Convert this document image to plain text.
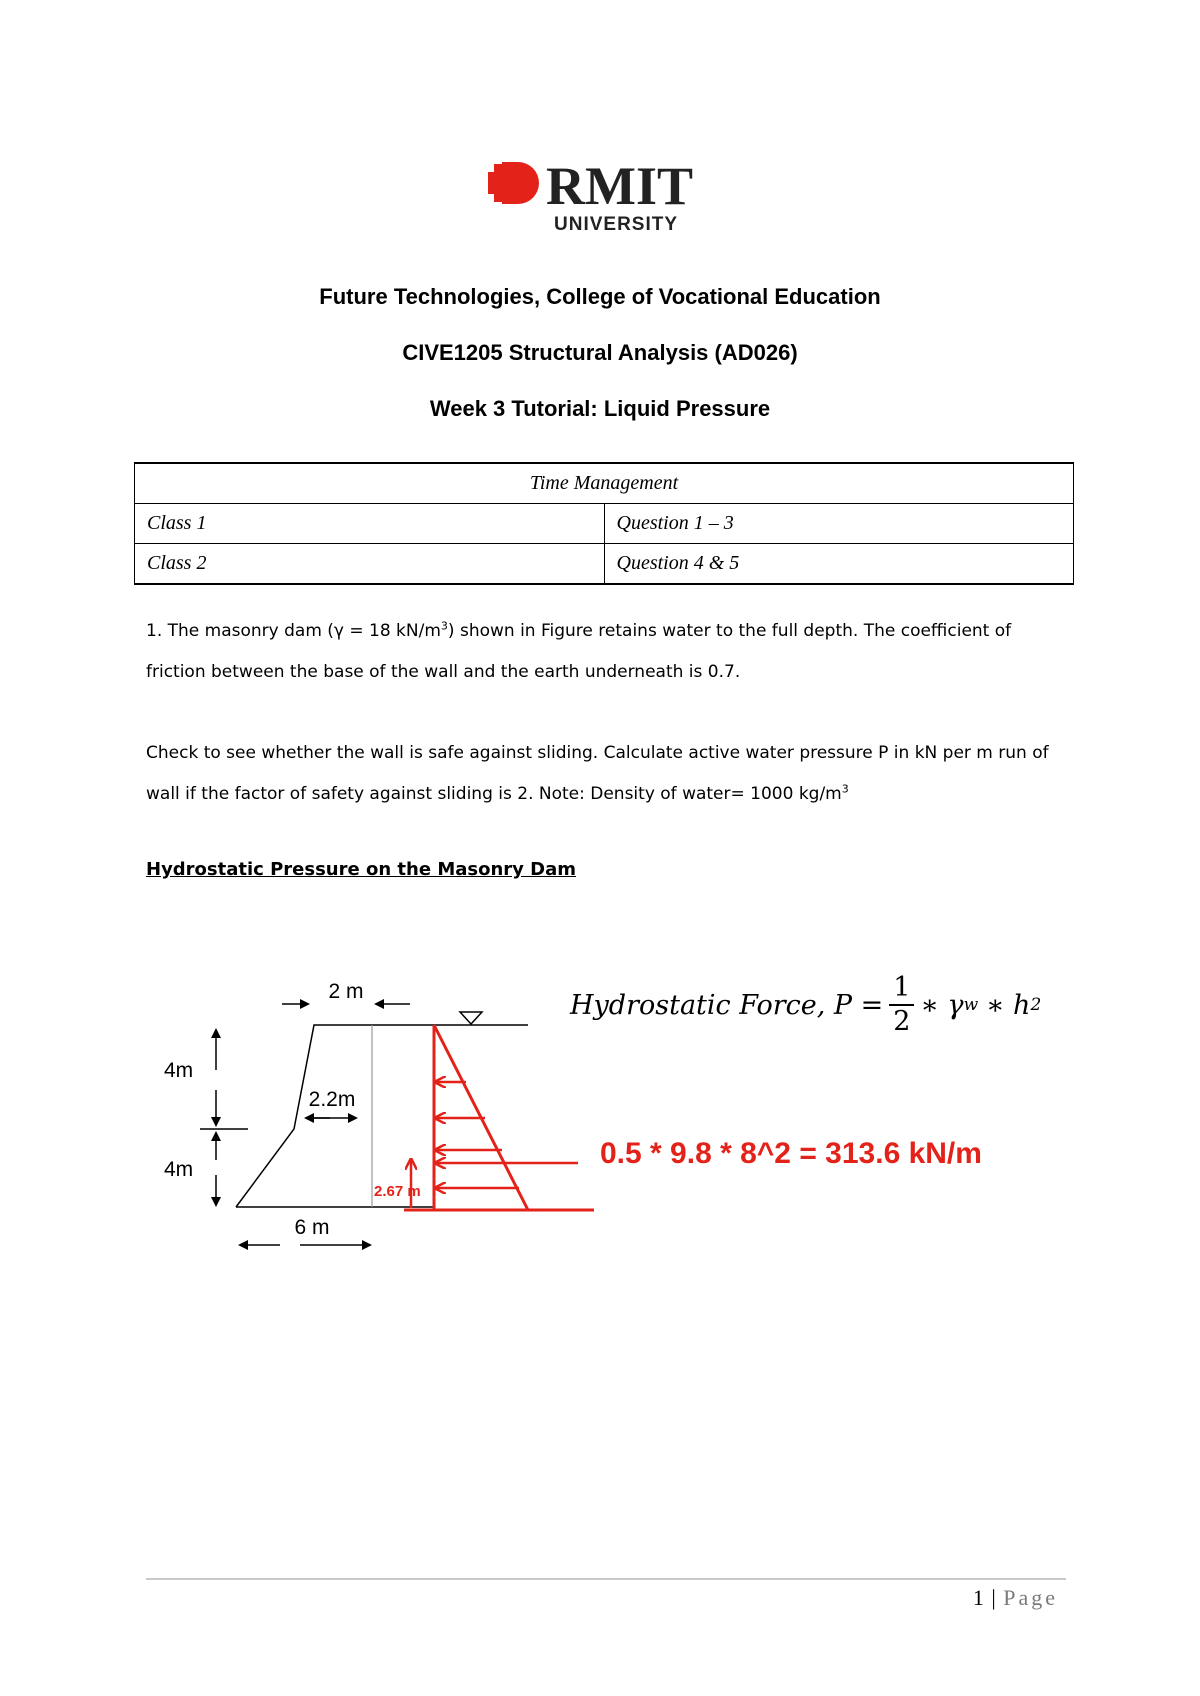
RMIT
UNIVERSITY
Future Technologies, College of Vocational Education
CIVE1205 Structural Analysis (AD026)
Week 3 Tutorial: Liquid Pressure
Time Management	
Class 1	Question 1 – 3
Class 2	Question 4 & 5
1. The masonry dam (γ = 18 $kN/m^3$) shown in Figure retains water to the full depth. The coefficient of friction between the base of the wall and the earth underneath is 0.7.
Check to see whether the wall is safe against sliding. Calculate active water pressure P in kN per m run of wall if the factor of safety against sliding is 2. Note: Density of water= 1000 $kg/m^3$
Hydrostatic Pressure on the Masonry Dam
2 m
2.2m
6 m
4m
4m
2.67 m
Hydrostatic Force, $P = \frac{1}{2}$ ∗ γ w ∗ h 2
0.5 * 9.8 * 8^2 = 313.6 kN/m
1 | Page
